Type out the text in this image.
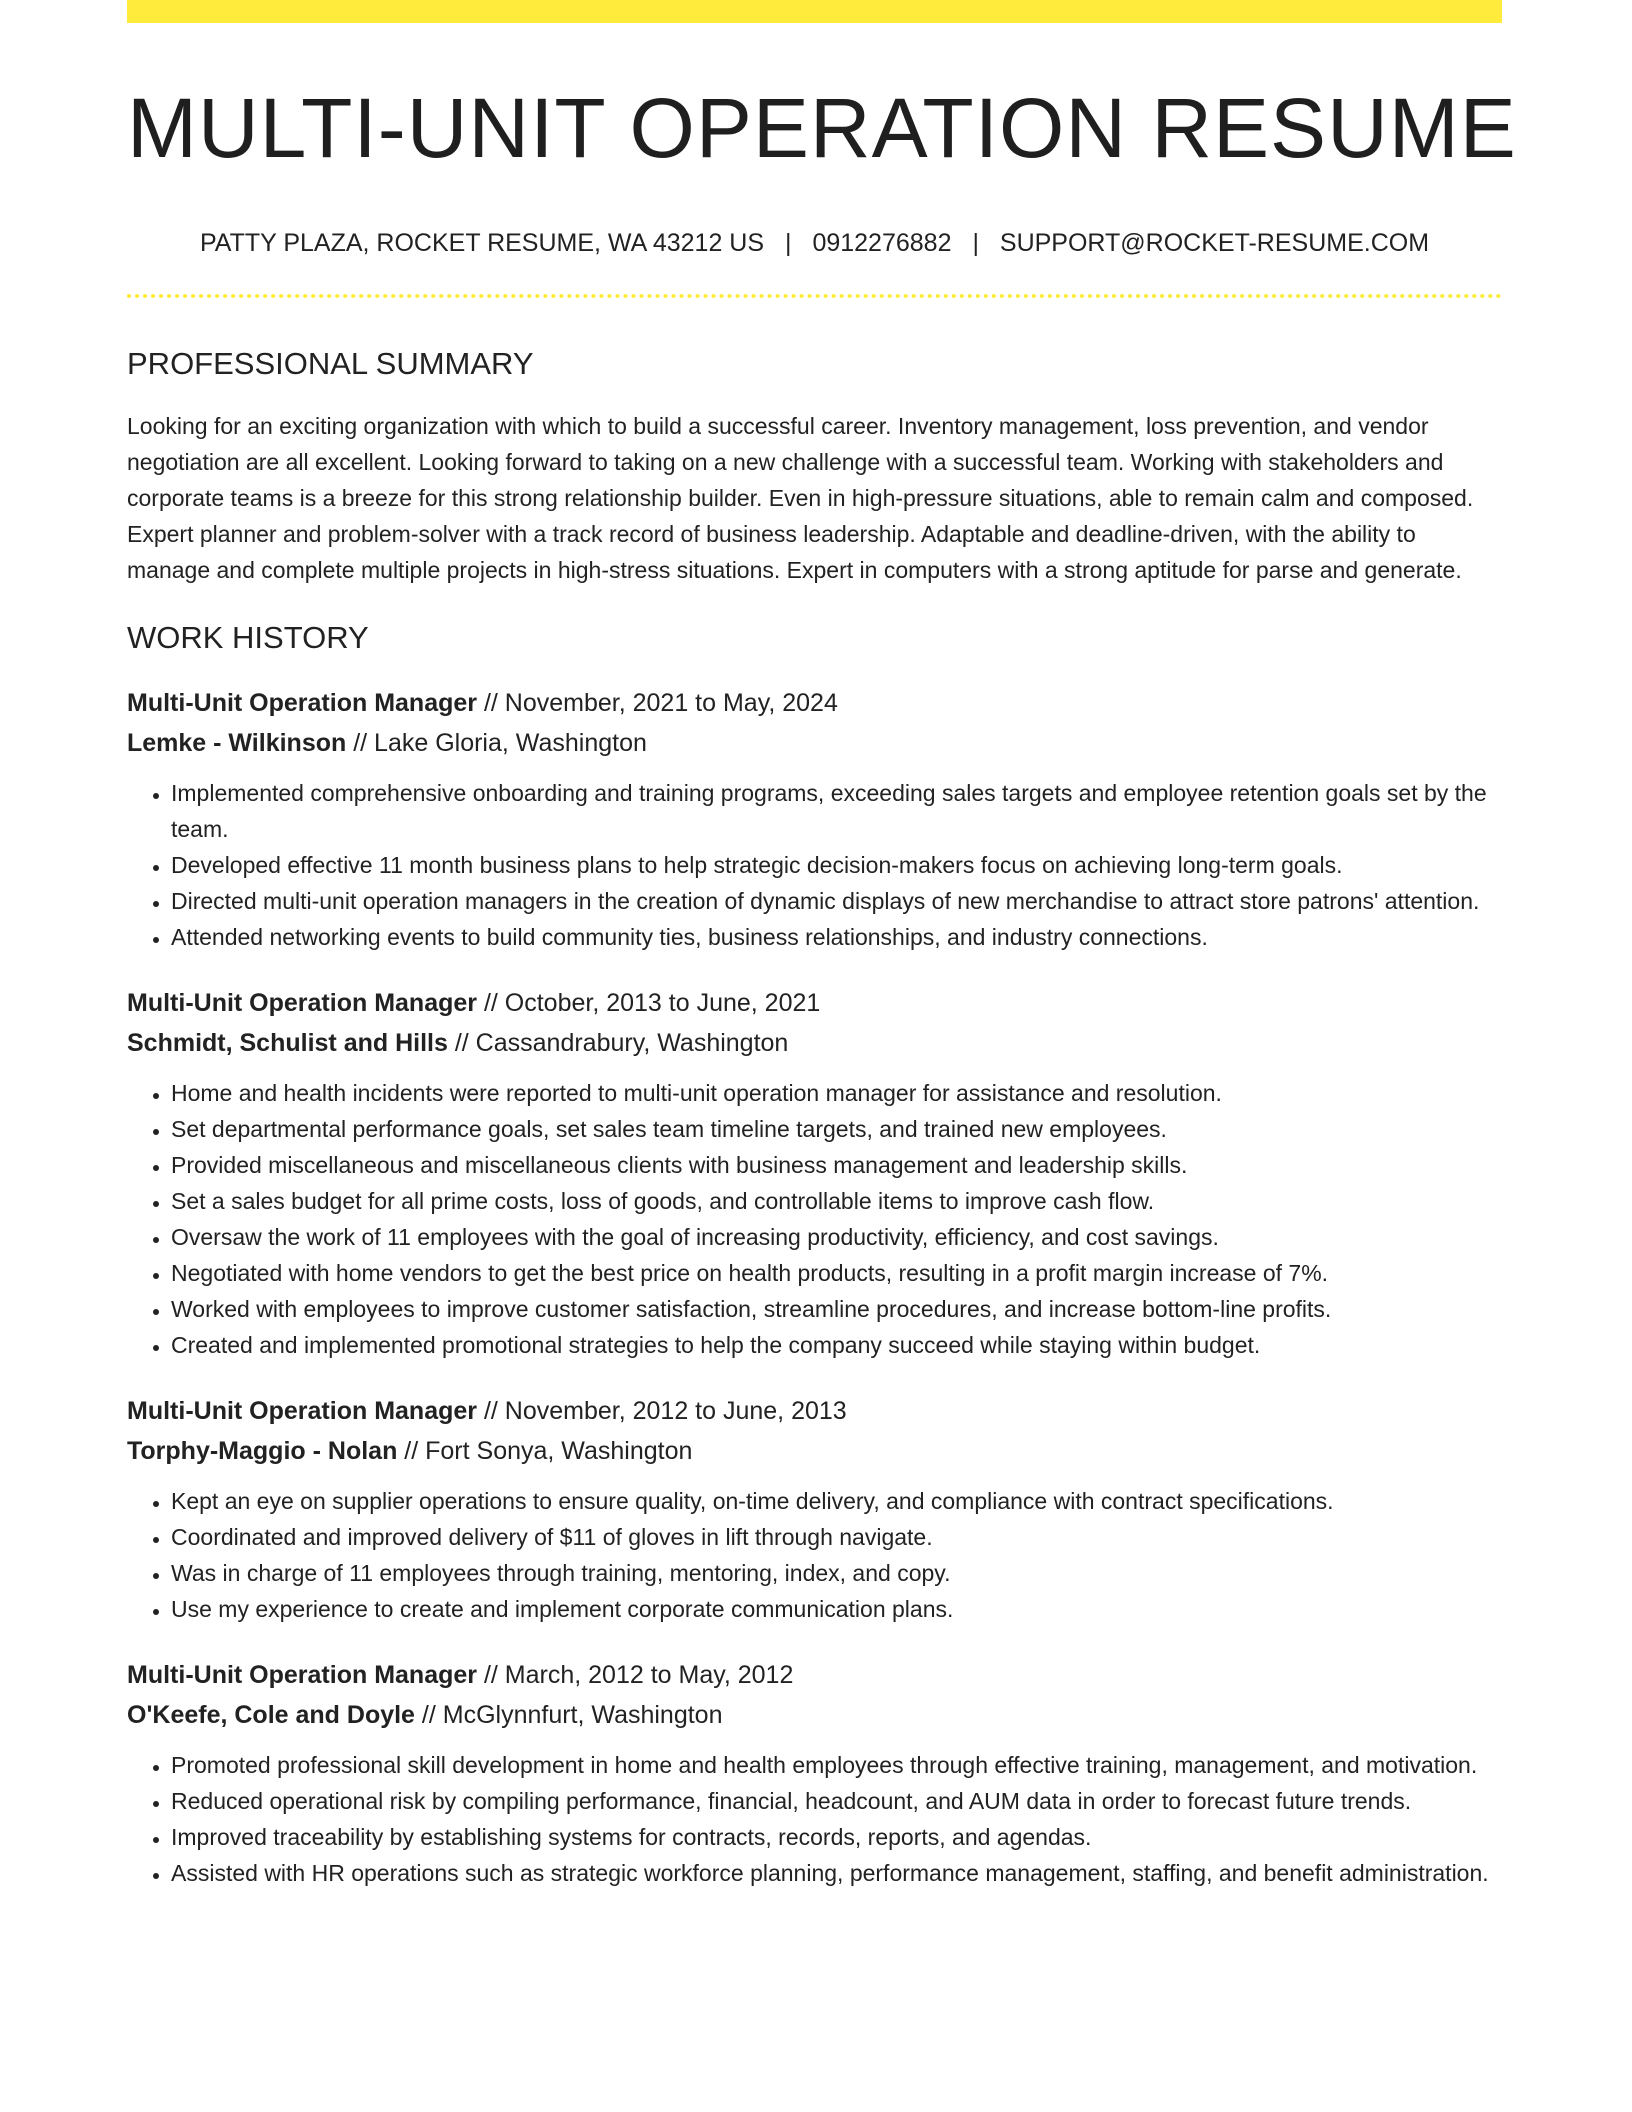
MULTI-UNIT OPERATION RESUME
PATTY PLAZA, ROCKET RESUME, WA 43212 US | 0912276882 | SUPPORT@ROCKET-RESUME.COM
PROFESSIONAL SUMMARY

Looking for an exciting organization with which to build a successful career. Inventory management, loss prevention, and vendor negotiation are all excellent. Looking forward to taking on a new challenge with a successful team. Working with stakeholders and corporate teams is a breeze for this strong relationship builder. Even in high-pressure situations, able to remain calm and composed. Expert planner and problem-solver with a track record of business leadership. Adaptable and deadline-driven, with the ability to manage and complete multiple projects in high-stress situations. Expert in computers with a strong aptitude for parse and generate.

WORK HISTORY
Multi-Unit Operation Manager // November, 2021 to May, 2024
Lemke - Wilkinson // Lake Gloria, Washington
• Implemented comprehensive onboarding and training programs, exceeding sales targets and employee retention goals set by the team.
• Developed effective 11 month business plans to help strategic decision-makers focus on achieving long-term goals.
• Directed multi-unit operation managers in the creation of dynamic displays of new merchandise to attract store patrons' attention.
• Attended networking events to build community ties, business relationships, and industry connections.
Multi-Unit Operation Manager // October, 2013 to June, 2021
Schmidt, Schulist and Hills // Cassandrabury, Washington
• Home and health incidents were reported to multi-unit operation manager for assistance and resolution.
• Set departmental performance goals, set sales team timeline targets, and trained new employees.
• Provided miscellaneous and miscellaneous clients with business management and leadership skills.
• Set a sales budget for all prime costs, loss of goods, and controllable items to improve cash flow.
• Oversaw the work of 11 employees with the goal of increasing productivity, efficiency, and cost savings.
• Negotiated with home vendors to get the best price on health products, resulting in a profit margin increase of 7%.
• Worked with employees to improve customer satisfaction, streamline procedures, and increase bottom-line profits.
• Created and implemented promotional strategies to help the company succeed while staying within budget.
Multi-Unit Operation Manager // November, 2012 to June, 2013
Torphy-Maggio - Nolan // Fort Sonya, Washington
• Kept an eye on supplier operations to ensure quality, on-time delivery, and compliance with contract specifications.
• Coordinated and improved delivery of $11 of gloves in lift through navigate.
• Was in charge of 11 employees through training, mentoring, index, and copy.
• Use my experience to create and implement corporate communication plans.
Multi-Unit Operation Manager // March, 2012 to May, 2012
O'Keefe, Cole and Doyle // McGlynnfurt, Washington
• Promoted professional skill development in home and health employees through effective training, management, and motivation.
• Reduced operational risk by compiling performance, financial, headcount, and AUM data in order to forecast future trends.
• Improved traceability by establishing systems for contracts, records, reports, and agendas.
• Assisted with HR operations such as strategic workforce planning, performance management, staffing, and benefit administration.
